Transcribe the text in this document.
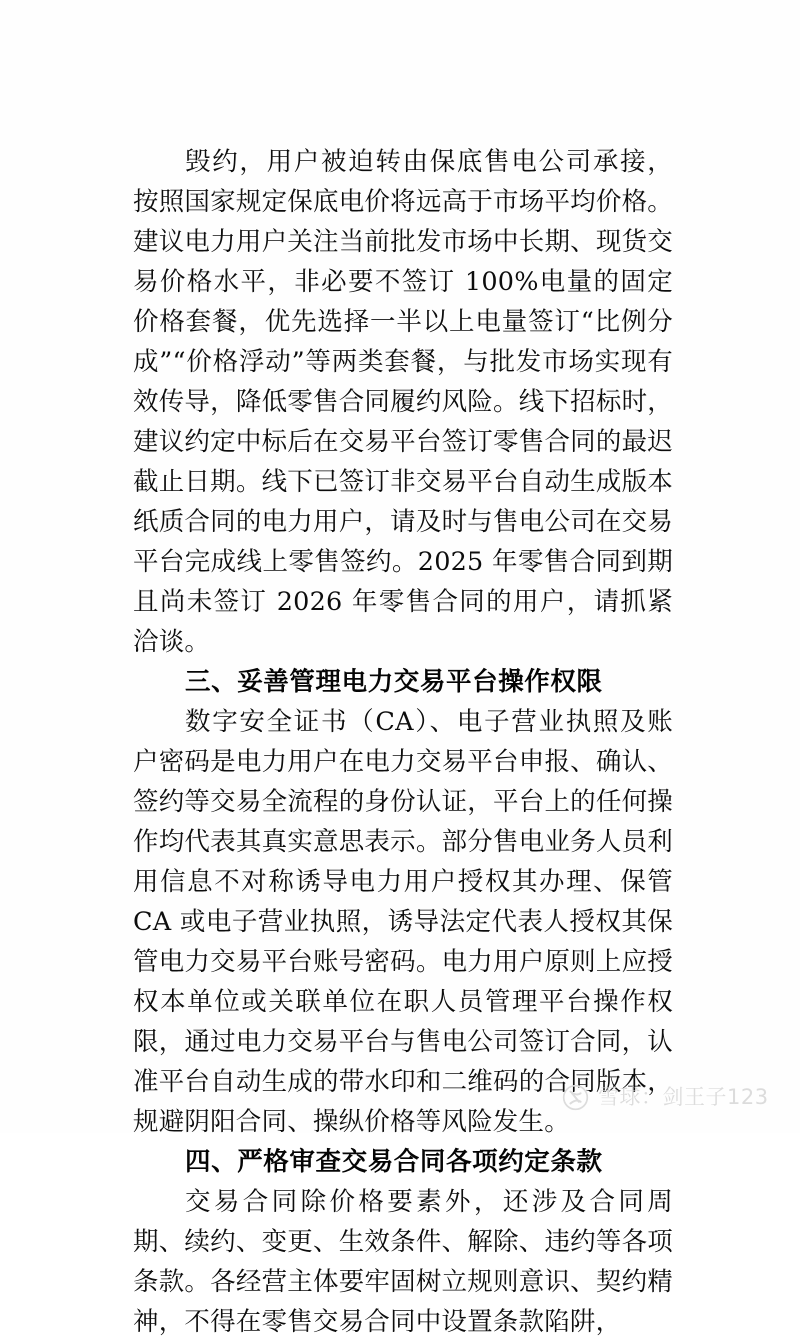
毁约，用户被迫转由保底售电公司承接，按照国家规定保底电价将远高于市场平均价格。建议电力用户关注当前批发市场中长期、现货交易价格水平，非必要不签订 100%电量的固定价格套餐，优先选择一半以上电量签订“比例分成”“价格浮动”等两类套餐，与批发市场实现有效传导，降低零售合同履约风险。线下招标时，建议约定中标后在交易平台签订零售合同的最迟截止日期。线下已签订非交易平台自动生成版本纸质合同的电力用户，请及时与售电公司在交易平台完成线上零售签约。2025 年零售合同到期且尚未签订 2026 年零售合同的用户，请抓紧洽谈。

三、妥善管理电力交易平台操作权限

数字安全证书（CA）、电子营业执照及账户密码是电力用户在电力交易平台申报、确认、签约等交易全流程的身份认证，平台上的任何操作均代表其真实意思表示。部分售电业务人员利用信息不对称诱导电力用户授权其办理、保管 CA 或电子营业执照，诱导法定代表人授权其保管电力交易平台账号密码。电力用户原则上应授权本单位或关联单位在职人员管理平台操作权限，通过电力交易平台与售电公司签订合同，认准平台自动生成的带水印和二维码的合同版本，规避阴阳合同、操纵价格等风险发生。

四、严格审查交易合同各项约定条款

交易合同除价格要素外，还涉及合同周期、续约、变更、生效条件、解除、违约等各项条款。各经营主体要牢固树立规则意识、契约精神，不得在零售交易合同中设置条款陷阱，

雪球：剑王子123
